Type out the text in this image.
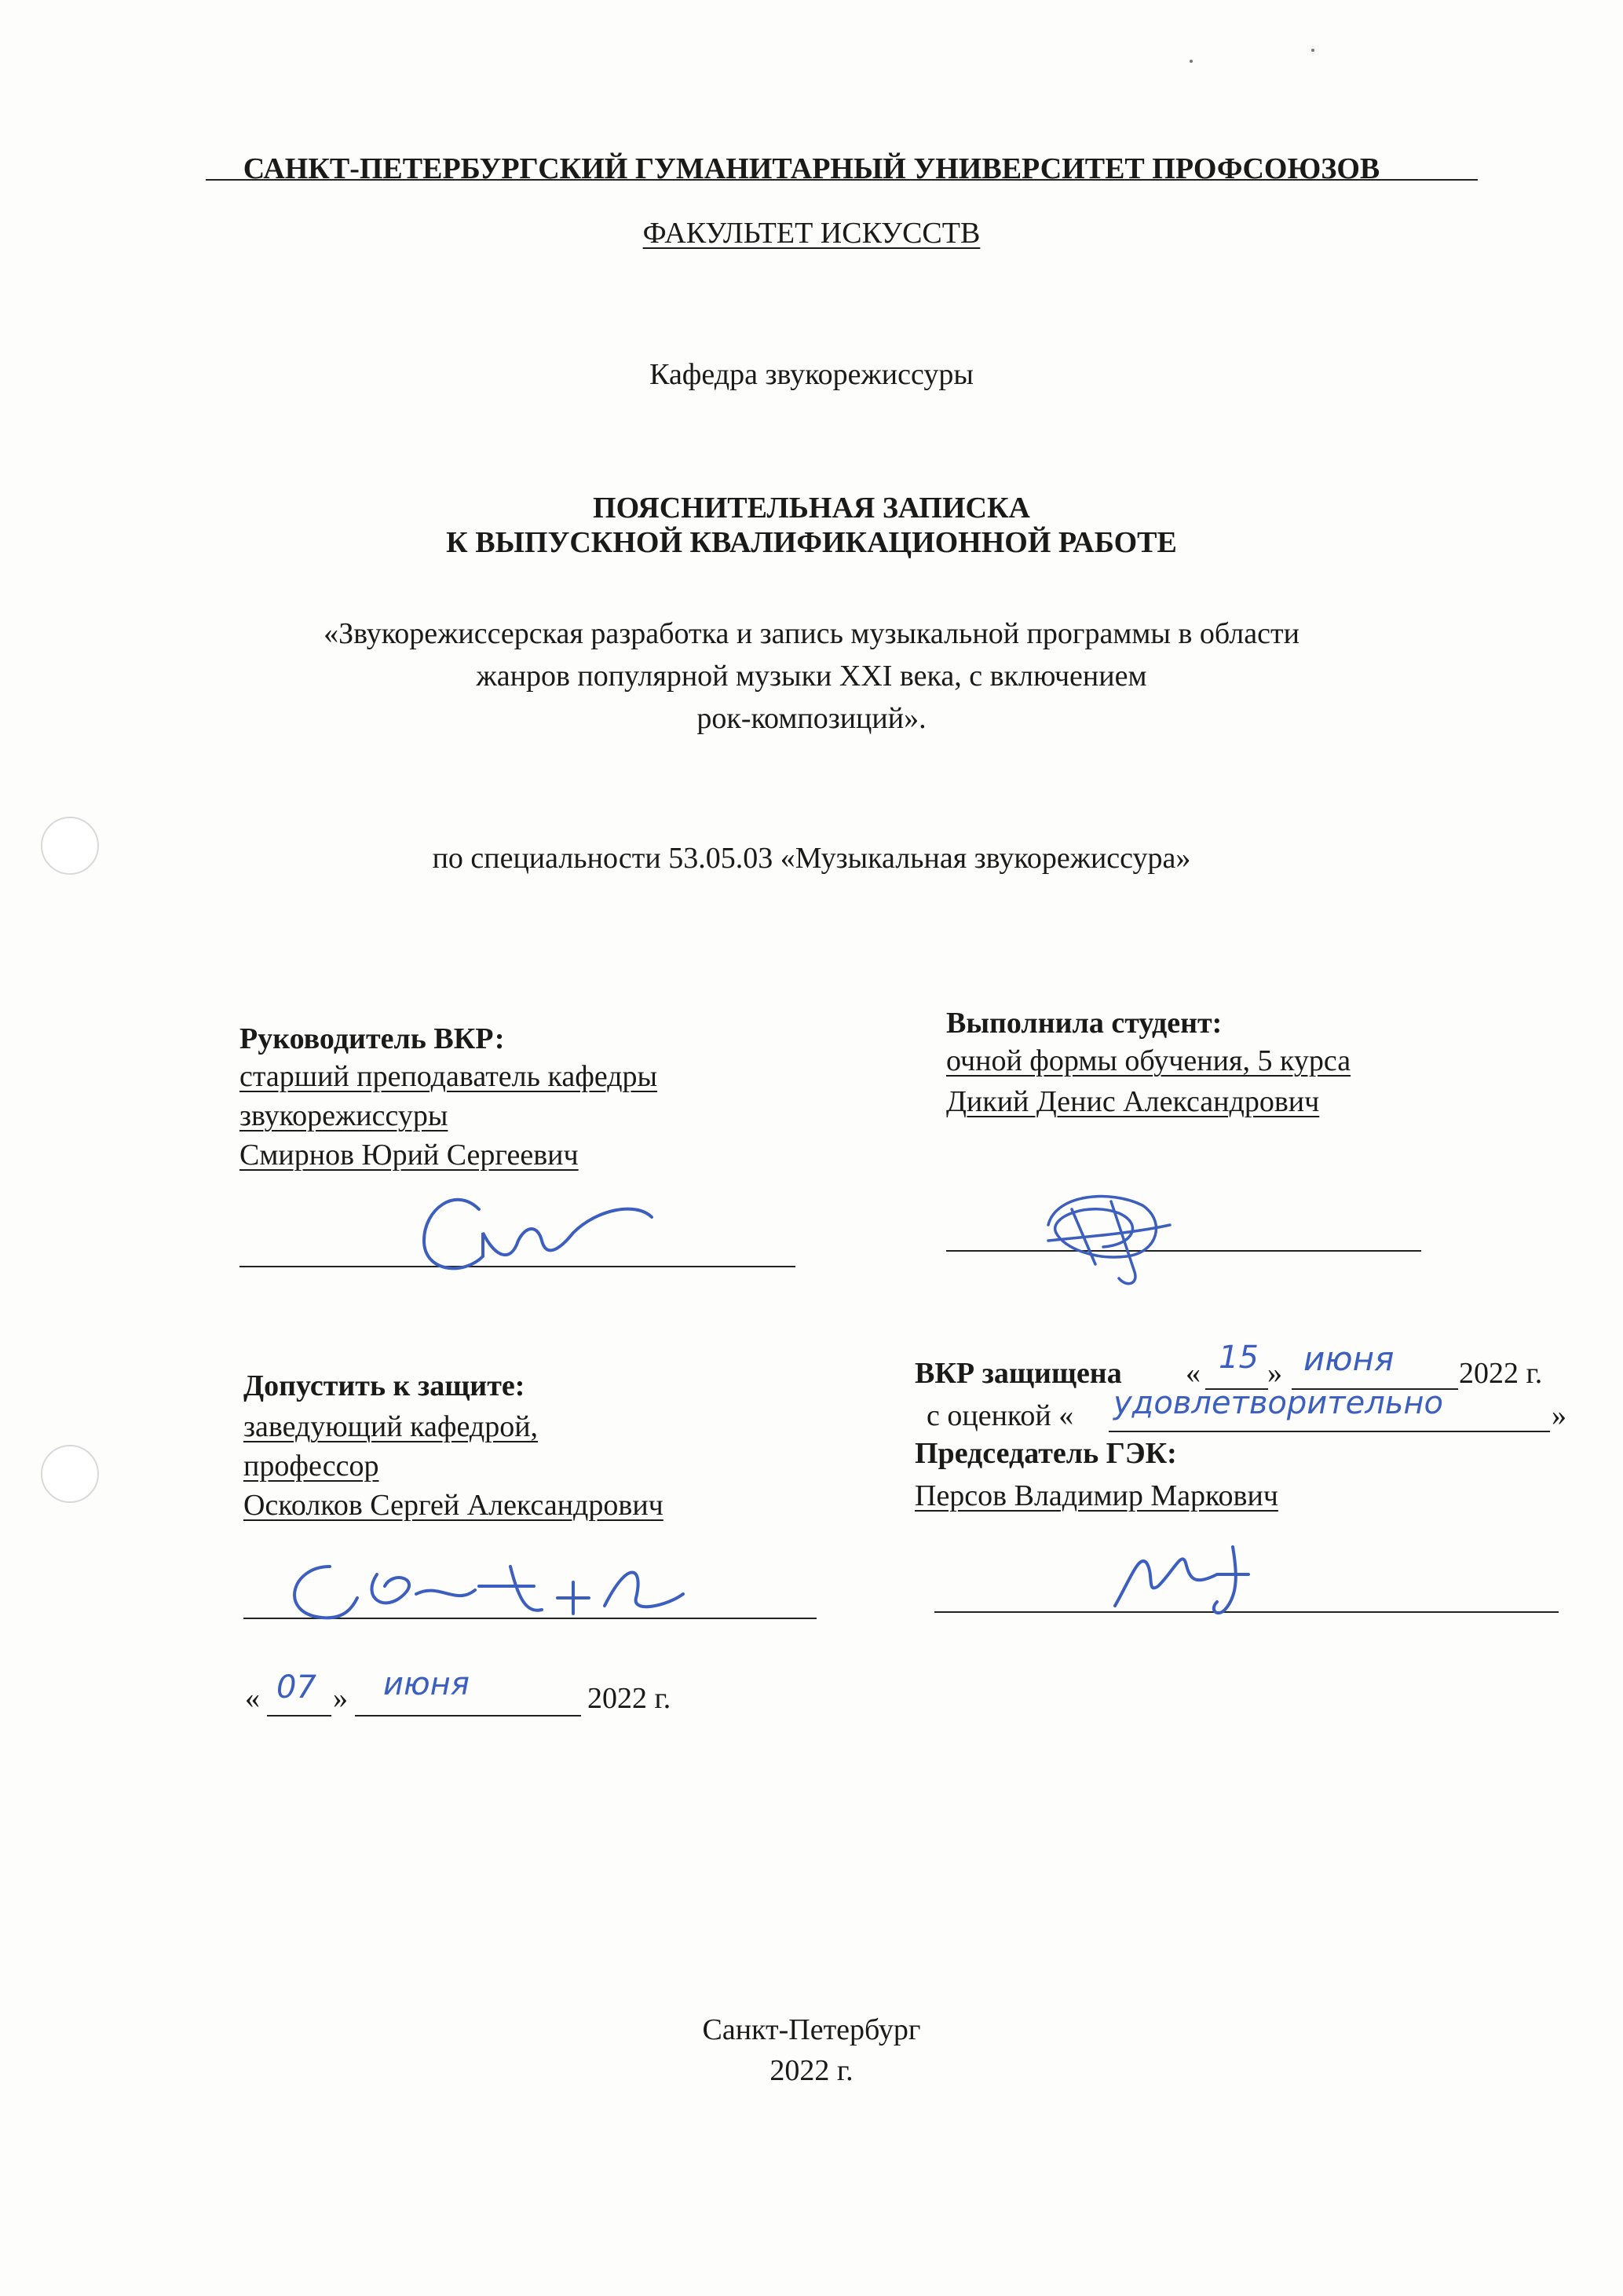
САНКТ-ПЕТЕРБУРГСКИЙ ГУМАНИТАРНЫЙ УНИВЕРСИТЕТ ПРОФСОЮЗОВ
ФАКУЛЬТЕТ ИСКУССТВ
Кафедра звукорежиссуры
ПОЯСНИТЕЛЬНАЯ ЗАПИСКА
К ВЫПУСКНОЙ КВАЛИФИКАЦИОННОЙ РАБОТЕ
«Звукорежиссерская разработка и запись музыкальной программы в области
жанров популярной музыки XXI века, с включением
рок-композиций».
по специальности 53.05.03 «Музыкальная звукорежиссура»
Руководитель ВКР:
старший преподаватель кафедры
звукорежиссуры
Смирнов Юрий Сергеевич
Выполнила студент:
очной формы обучения, 5 курса
Дикий Денис Александрович
Допустить к защите:
заведующий кафедрой,
профессор
Осколков Сергей Александрович
« 07 » июня	2022 г.
ВКР защищена « 15 » июня 2022 г.
с оценкой « удовлетворительно	»
Председатель ГЭК:
Персов Владимир Маркович
Санкт-Петербург
2022 г.
